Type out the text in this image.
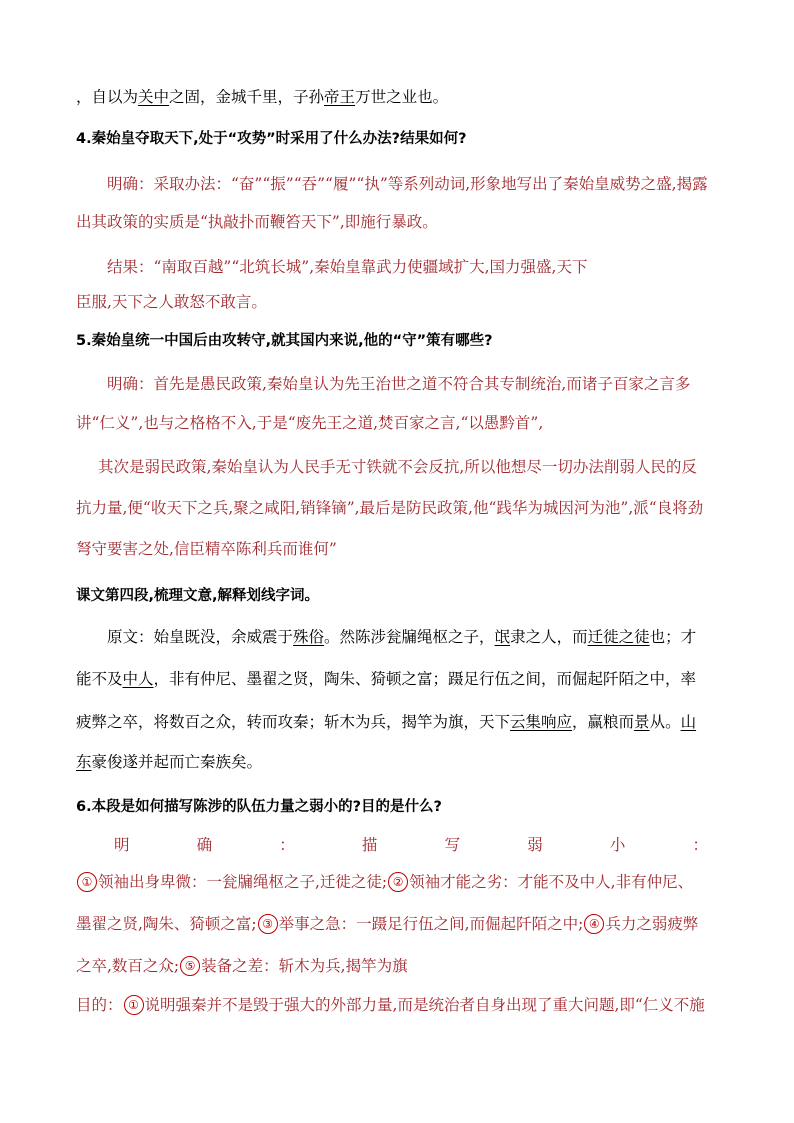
，自以为关中之固，金城千里，子孙帝王万世之业也。
4.秦始皇夺取天下,处于“攻势”时采用了什么办法?结果如何?
明确：采取办法：“奋”“振”“吞”“履”“执”等系列动词,形象地写出了秦始皇威势之盛,揭露
出其政策的实质是“执敲扑而鞭笞天下”,即施行暴政。
结果：“南取百越”“北筑长城”,秦始皇靠武力使疆域扩大,国力强盛,天下
臣服,天下之人敢怒不敢言。
5.秦始皇统一中国后由攻转守,就其国内来说,他的“守”策有哪些?
明确：首先是愚民政策,秦始皇认为先王治世之道不符合其专制统治,而诸子百家之言多
讲“仁义”,也与之格格不入,于是“废先王之道,焚百家之言,“以愚黔首”,
其次是弱民政策,秦始皇认为人民手无寸铁就不会反抗,所以他想尽一切办法削弱人民的反
抗力量,便“收天下之兵,聚之咸阳,销锋镝”,最后是防民政策,他“践华为城因河为池”,派“良将劲
弩守要害之处,信臣精卒陈利兵而谁何”
课文第四段,梳理文意,解释划线字词。
原文：始皇既没，余威震于殊俗。然陈涉瓮牖绳枢之子，氓隶之人，而迁徙之徒也；才
能不及中人，非有仲尼、墨翟之贤，陶朱、猗顿之富；蹑足行伍之间，而倔起阡陌之中，率
疲弊之卒，将数百之众，转而攻秦；斩木为兵，揭竿为旗，天下云集响应，赢粮而景从。山
东豪俊遂并起而亡秦族矣。
6.本段是如何描写陈涉的队伍力量之弱小的?目的是什么?
明	确	：	描	写	弱	小	：
① 领袖出身卑微：一瓮牖绳枢之子,迁徙之徒; ② 领袖才能之劣：才能不及中人,非有仲尼、
墨翟之贤,陶朱、猗顿之富; ③ 举事之急：一蹑足行伍之间,而倔起阡陌之中; ④ 兵力之弱疲弊
之卒,数百之众; ⑤ 装备之差：斩木为兵,揭竿为旗
目的： ① 说明强秦并不是毁于强大的外部力量,而是统治者自身出现了重大问题,即“仁义不施
